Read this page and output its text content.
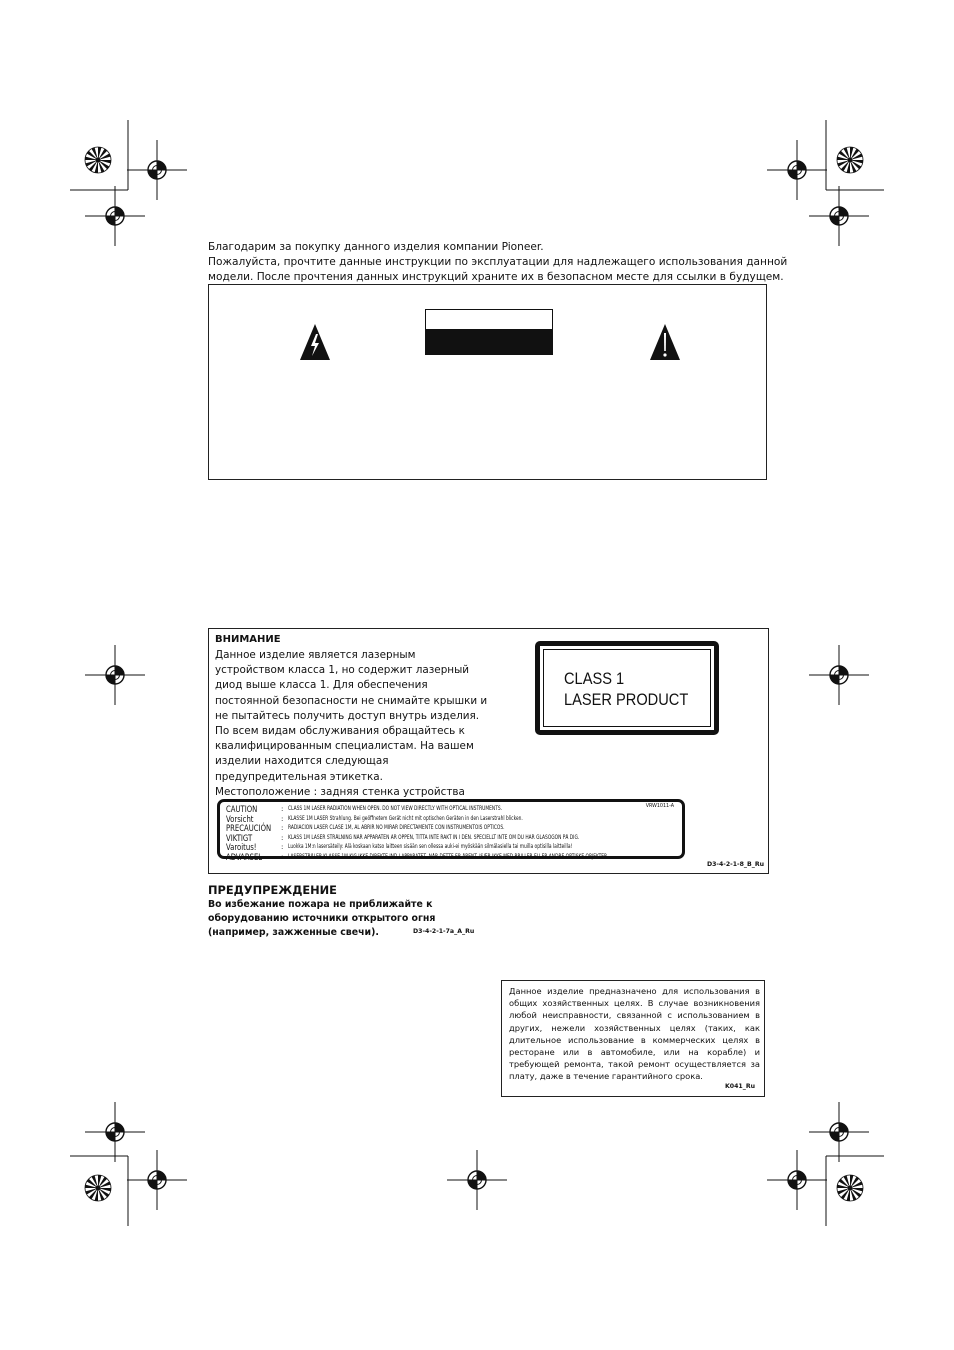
Благодарим за покупку данного изделия компании Pioneer.
Пожалуйста, прочтите данные инструкции по эксплуатации для надлежащего использования данной
модели. После прочтения данных инструкций храните их в безопасном месте для ссылки в будущем.
ВНИМАНИЕ
Данное изделие является лазерным
устройством класса 1, но содержит лазерный
диод выше класса 1. Для обеспечения
постоянной безопасности не снимайте крышки и
не пытайтесь получить доступ внутрь изделия.
По всем видам обслуживания обращайтесь к
квалифицированным специалистам. На вашем
изделии находится следующая
предупредительная этикетка.
Местоположение : задняя стенка устройства
CLASS 1
LASER PRODUCT
VRW1011-A
CAUTION	: CLASS 1M LASER RADIATION WHEN OPEN. DO NOT VIEW DIRECTLY WITH OPTICAL INSTRUMENTS.
Vorsicht	: KLASSE 1M LASER Strahlung. Bei geöffnetem Gerät nicht mit optischen Geräten in den Laserstrahl blicken.
PRECAUCIÓN : RADIACIÓN LASER CLASE 1M, AL ABRIR NO MIRAR DIRECTAMENTE CON INSTRUMENTOIS ÓPTICOS.
VIKTIGT	: KLASS 1M LASER STRÅLNING NÄR APPARATEN ÄR ÖPPEN, TITTA INTE RAKT IN I DEN. SPECIELLT INTE OM DU HAR GLASÖGON PÅ DIG.
Varoitus!	: Luokka 1M:n lasersäteily: Älä koskaan katso laitteen sisään sen ollessa auki-ei myöskään silmälasiella tai muilla optisilla laitteilla!
ADVARSEL	: LASERSTRÅLER KLASSE 1M KIG IKKE DIREKTE IND I APPARATET, NÅR DETTE ER ÅBENT. ISÆR IKKE MED BRILLER ELLER ANDRE OPTISKE OBJEKTER.
D3-4-2-1-8_B_Ru
ПРЕДУПРЕЖДЕНИЕ
Во избежание пожара не приближайте к
оборудованию источники открытого огня
(например, зажженные свечи).	D3-4-2-1-7a_A_Ru
Данное изделие предназначено для использования в общих хозяйственных целях. В случае возникновения любой неисправности, связанной с использованием в других, нежели хозяйственных целях (таких, как длительное использование в коммерческих целях в ресторане или в автомобиле, или на корабле) и требующей ремонта, такой ремонт осуществляется за плату, даже в течение гарантийного срока.
K041_Ru
